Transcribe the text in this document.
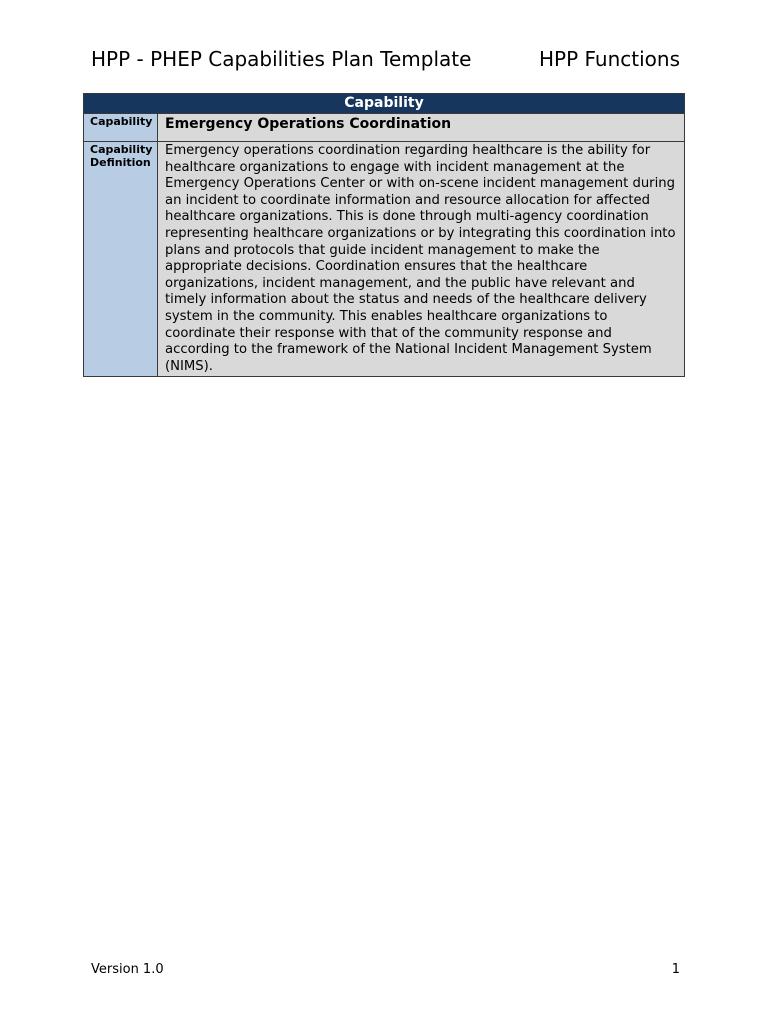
HPP - PHEP Capabilities Plan Template	HPP Functions
Capability
Capability Emergency Operations Coordination
Capability Definition
Emergency operations coordination regarding healthcare is the ability for healthcare organizations to engage with incident management at the Emergency Operations Center or with on-scene incident management during an incident to coordinate information and resource allocation for affected healthcare organizations. This is done through multi-agency coordination representing healthcare organizations or by integrating this coordination into plans and protocols that guide incident management to make the appropriate decisions. Coordination ensures that the healthcare organizations, incident management, and the public have relevant and timely information about the status and needs of the healthcare delivery system in the community. This enables healthcare organizations to coordinate their response with that of the community response and according to the framework of the National Incident Management System (NIMS).
Version 1.0	1
